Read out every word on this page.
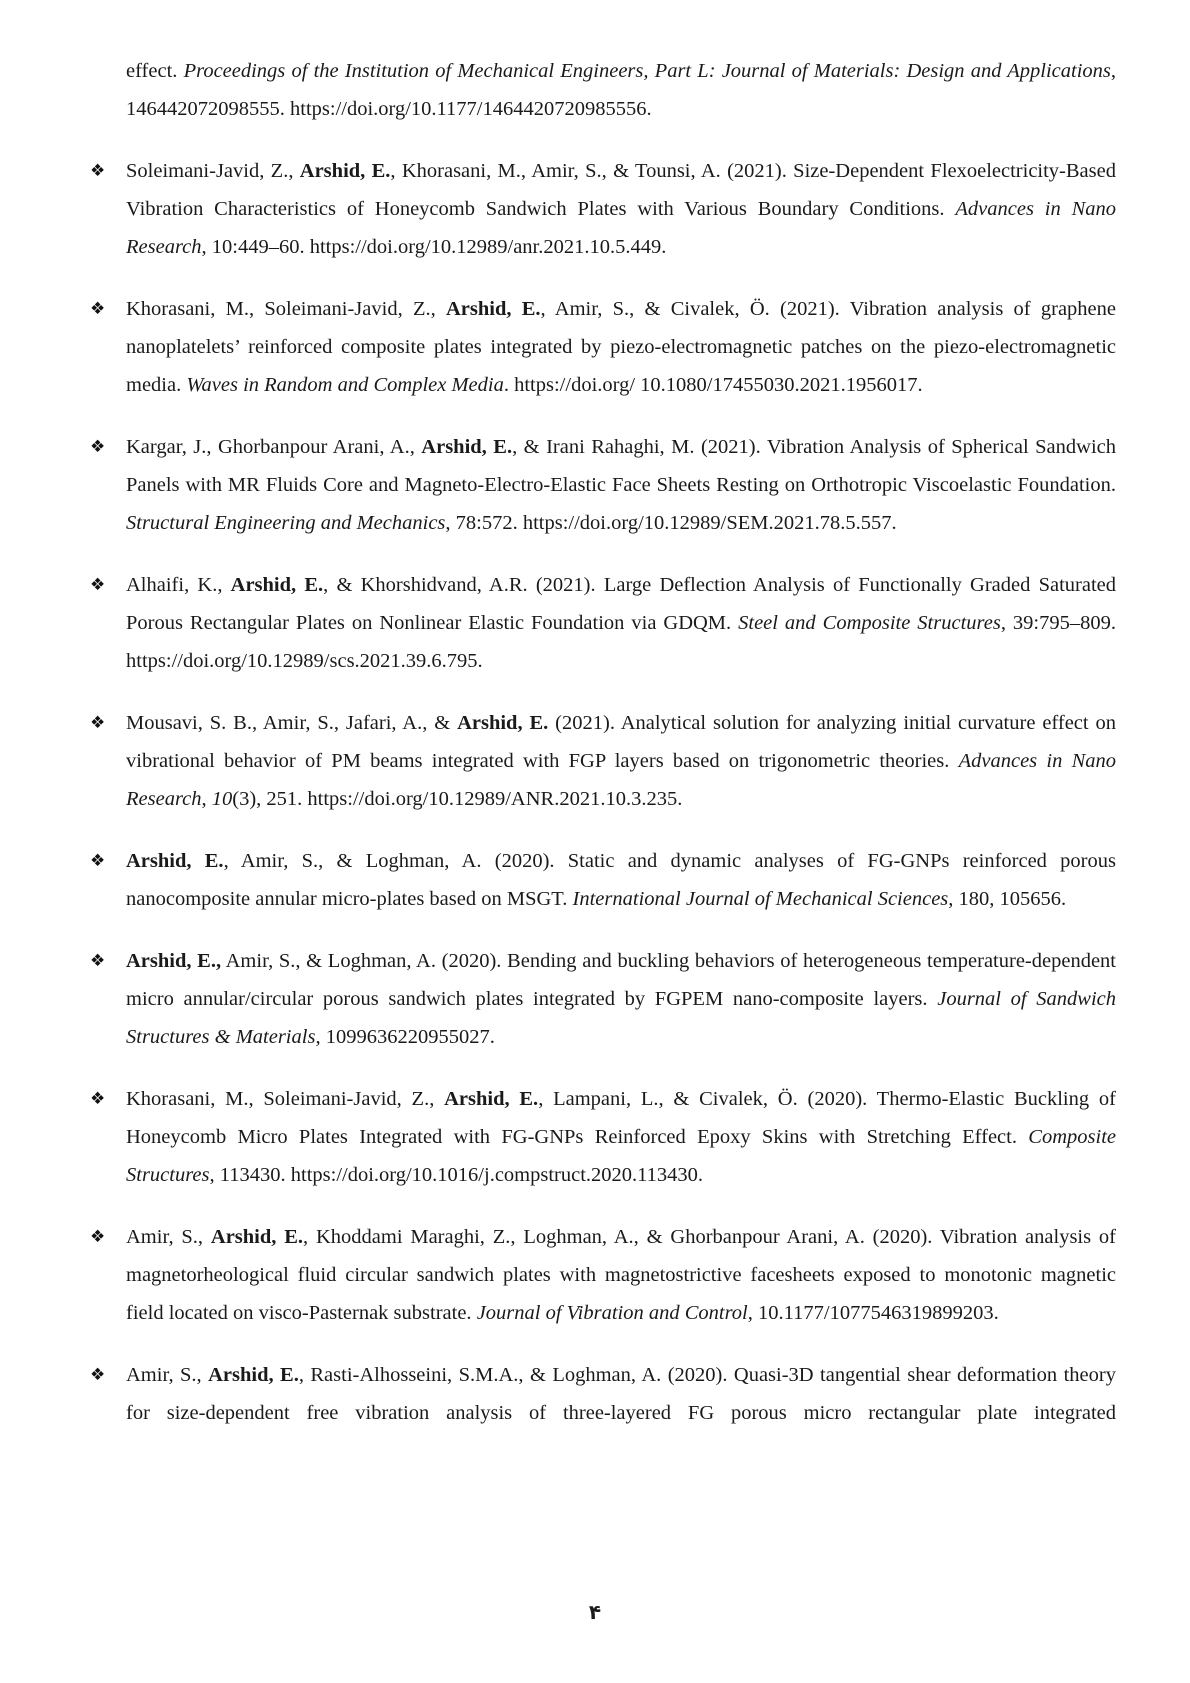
effect. Proceedings of the Institution of Mechanical Engineers, Part L: Journal of Materials: Design and Applications, 146442072098555. https://doi.org/10.1177/1464420720985556.

❖ Soleimani-Javid, Z., Arshid, E., Khorasani, M., Amir, S., & Tounsi, A. (2021). Size-Dependent Flexoelectricity-Based Vibration Characteristics of Honeycomb Sandwich Plates with Various Boundary Conditions. Advances in Nano Research, 10:449–60. https://doi.org/10.12989/anr.2021.10.5.449.

❖ Khorasani, M., Soleimani-Javid, Z., Arshid, E., Amir, S., & Civalek, Ö. (2021). Vibration analysis of graphene nanoplatelets’ reinforced composite plates integrated by piezo-electromagnetic patches on the piezo-electromagnetic media. Waves in Random and Complex Media. https://doi.org/ 10.1080/17455030.2021.1956017.

❖ Kargar, J., Ghorbanpour Arani, A., Arshid, E., & Irani Rahaghi, M. (2021). Vibration Analysis of Spherical Sandwich Panels with MR Fluids Core and Magneto-Electro-Elastic Face Sheets Resting on Orthotropic Viscoelastic Foundation. Structural Engineering and Mechanics, 78:572. https://doi.org/10.12989/SEM.2021.78.5.557.

❖ Alhaifi, K., Arshid, E., & Khorshidvand, A.R. (2021). Large Deflection Analysis of Functionally Graded Saturated Porous Rectangular Plates on Nonlinear Elastic Foundation via GDQM. Steel and Composite Structures, 39:795–809. https://doi.org/10.12989/scs.2021.39.6.795.

❖ Mousavi, S. B., Amir, S., Jafari, A., & Arshid, E. (2021). Analytical solution for analyzing initial curvature effect on vibrational behavior of PM beams integrated with FGP layers based on trigonometric theories. Advances in Nano Research, 10(3), 251. https://doi.org/10.12989/ANR.2021.10.3.235.

❖ Arshid, E., Amir, S., & Loghman, A. (2020). Static and dynamic analyses of FG-GNPs reinforced porous nanocomposite annular micro-plates based on MSGT. International Journal of Mechanical Sciences, 180, 105656.

❖ Arshid, E., Amir, S., & Loghman, A. (2020). Bending and buckling behaviors of heterogeneous temperature-dependent micro annular/circular porous sandwich plates integrated by FGPEM nano-composite layers. Journal of Sandwich Structures & Materials, 1099636220955027.

❖ Khorasani, M., Soleimani-Javid, Z., Arshid, E., Lampani, L., & Civalek, Ö. (2020). Thermo-Elastic Buckling of Honeycomb Micro Plates Integrated with FG-GNPs Reinforced Epoxy Skins with Stretching Effect. Composite Structures, 113430. https://doi.org/10.1016/j.compstruct.2020.113430.

❖ Amir, S., Arshid, E., Khoddami Maraghi, Z., Loghman, A., & Ghorbanpour Arani, A. (2020). Vibration analysis of magnetorheological fluid circular sandwich plates with magnetostrictive facesheets exposed to monotonic magnetic field located on visco-Pasternak substrate. Journal of Vibration and Control, 10.1177/1077546319899203.

❖ Amir, S., Arshid, E., Rasti-Alhosseini, S.M.A., & Loghman, A. (2020). Quasi-3D tangential shear deformation theory for size-dependent free vibration analysis of three-layered FG porous micro rectangular plate integrated

۴
